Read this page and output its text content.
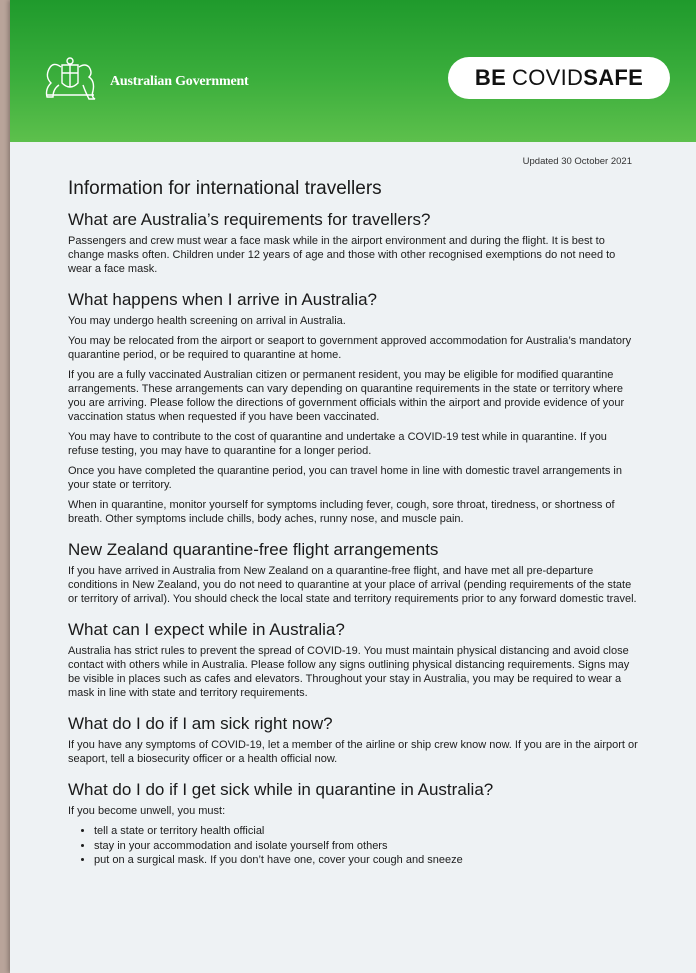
Australian Government	BE COVID SAFE
Updated 30 October 2021
Information for international travellers
What are Australia’s requirements for travellers?

Passengers and crew must wear a face mask while in the airport environment and during the flight. It is best to change masks often. Children under 12 years of age and those with other recognised exemptions do not need to wear a face mask.

What happens when I arrive in Australia?

You may undergo health screening on arrival in Australia.

You may be relocated from the airport or seaport to government approved accommodation for Australia’s mandatory quarantine period, or be required to quarantine at home.

If you are a fully vaccinated Australian citizen or permanent resident, you may be eligible for modified quarantine arrangements. These arrangements can vary depending on quarantine requirements in the state or territory where you are arriving. Please follow the directions of government officials within the airport and provide evidence of your vaccination status when requested if you have been vaccinated.

You may have to contribute to the cost of quarantine and undertake a COVID-19 test while in quarantine. If you refuse testing, you may have to quarantine for a longer period.

Once you have completed the quarantine period, you can travel home in line with domestic travel arrangements in your state or territory.

When in quarantine, monitor yourself for symptoms including fever, cough, sore throat, tiredness, or shortness of breath. Other symptoms include chills, body aches, runny nose, and muscle pain.

New Zealand quarantine-free flight arrangements

If you have arrived in Australia from New Zealand on a quarantine-free flight, and have met all pre-departure conditions in New Zealand, you do not need to quarantine at your place of arrival (pending requirements of the state or territory of arrival). You should check the local state and territory requirements prior to any forward domestic travel.

What can I expect while in Australia?

Australia has strict rules to prevent the spread of COVID-19. You must maintain physical distancing and avoid close contact with others while in Australia. Please follow any signs outlining physical distancing requirements. Signs may be visible in places such as cafes and elevators. Throughout your stay in Australia, you may be required to wear a mask in line with state and territory requirements.

What do I do if I am sick right now?

If you have any symptoms of COVID-19, let a member of the airline or ship crew know now. If you are in the airport or seaport, tell a biosecurity officer or a health official now.

What do I do if I get sick while in quarantine in Australia?

If you become unwell, you must:

• tell a state or territory health official
• stay in your accommodation and isolate yourself from others
• put on a surgical mask. If you don’t have one, cover your cough and sneeze
